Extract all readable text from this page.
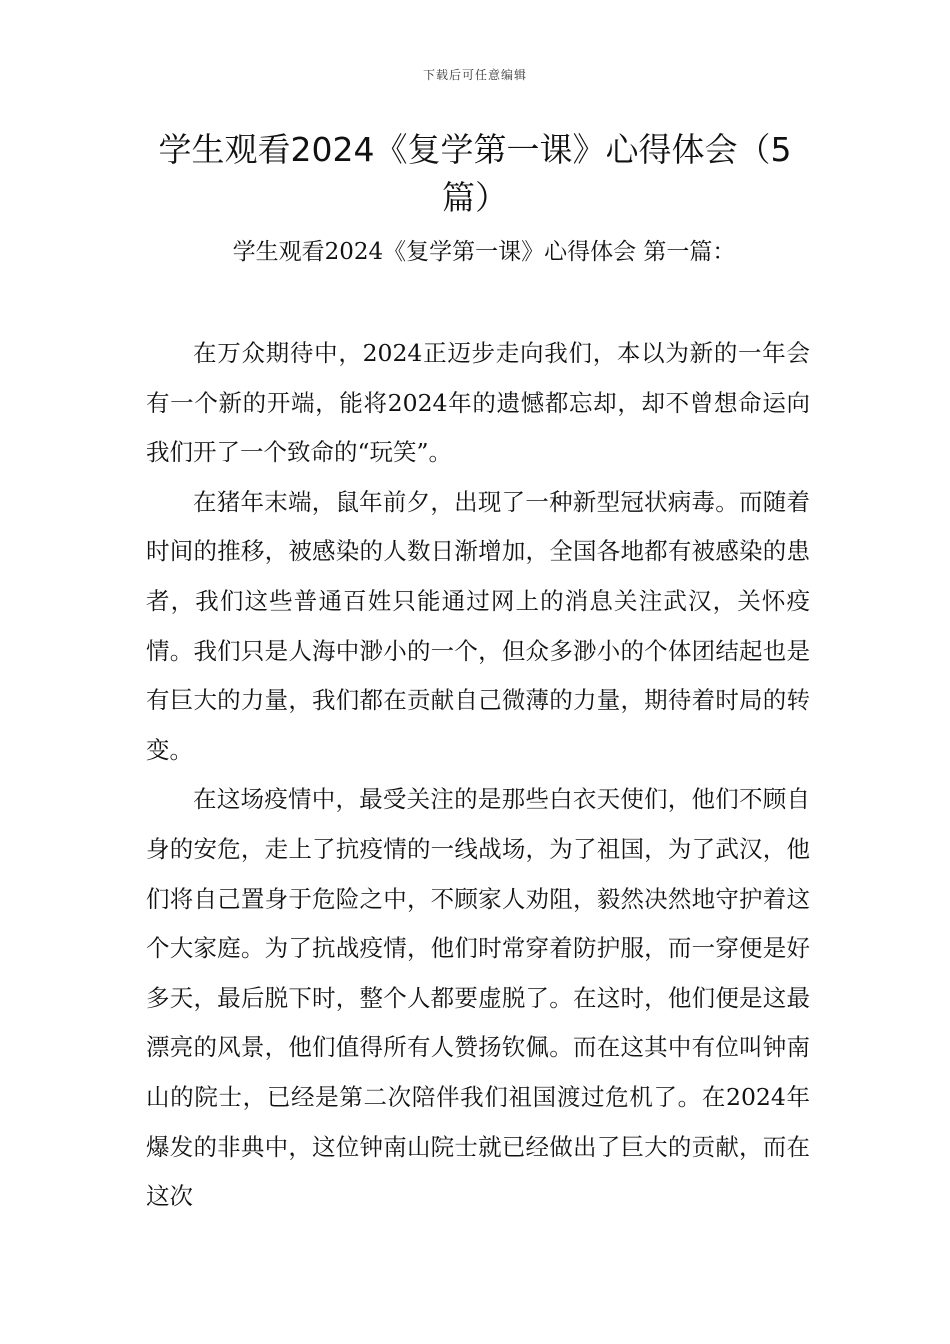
下载后可任意编辑
学生观看2024《复学第一课》心得体会（5篇）
学生观看2024《复学第一课》心得体会 第一篇：

在万众期待中，2024正迈步走向我们，本以为新的一年会有一个新的开端，能将2024年的遗憾都忘却，却不曾想命运向我们开了一个致命的“玩笑”。

在猪年末端，鼠年前夕，出现了一种新型冠状病毒。而随着时间的推移，被感染的人数日渐增加，全国各地都有被感染的患者，我们这些普通百姓只能通过网上的消息关注武汉，关怀疫情。我们只是人海中渺小的一个，但众多渺小的个体团结起也是有巨大的力量，我们都在贡献自己微薄的力量，期待着时局的转变。

在这场疫情中，最受关注的是那些白衣天使们，他们不顾自身的安危，走上了抗疫情的一线战场，为了祖国，为了武汉，他们将自己置身于危险之中，不顾家人劝阻，毅然决然地守护着这个大家庭。为了抗战疫情，他们时常穿着防护服，而一穿便是好多天，最后脱下时，整个人都要虚脱了。在这时，他们便是这最漂亮的风景，他们值得所有人赞扬钦佩。而在这其中有位叫钟南山的院士，已经是第二次陪伴我们祖国渡过危机了。在2024年爆发的非典中，这位钟南山院士就已经做出了巨大的贡献，而在这次
